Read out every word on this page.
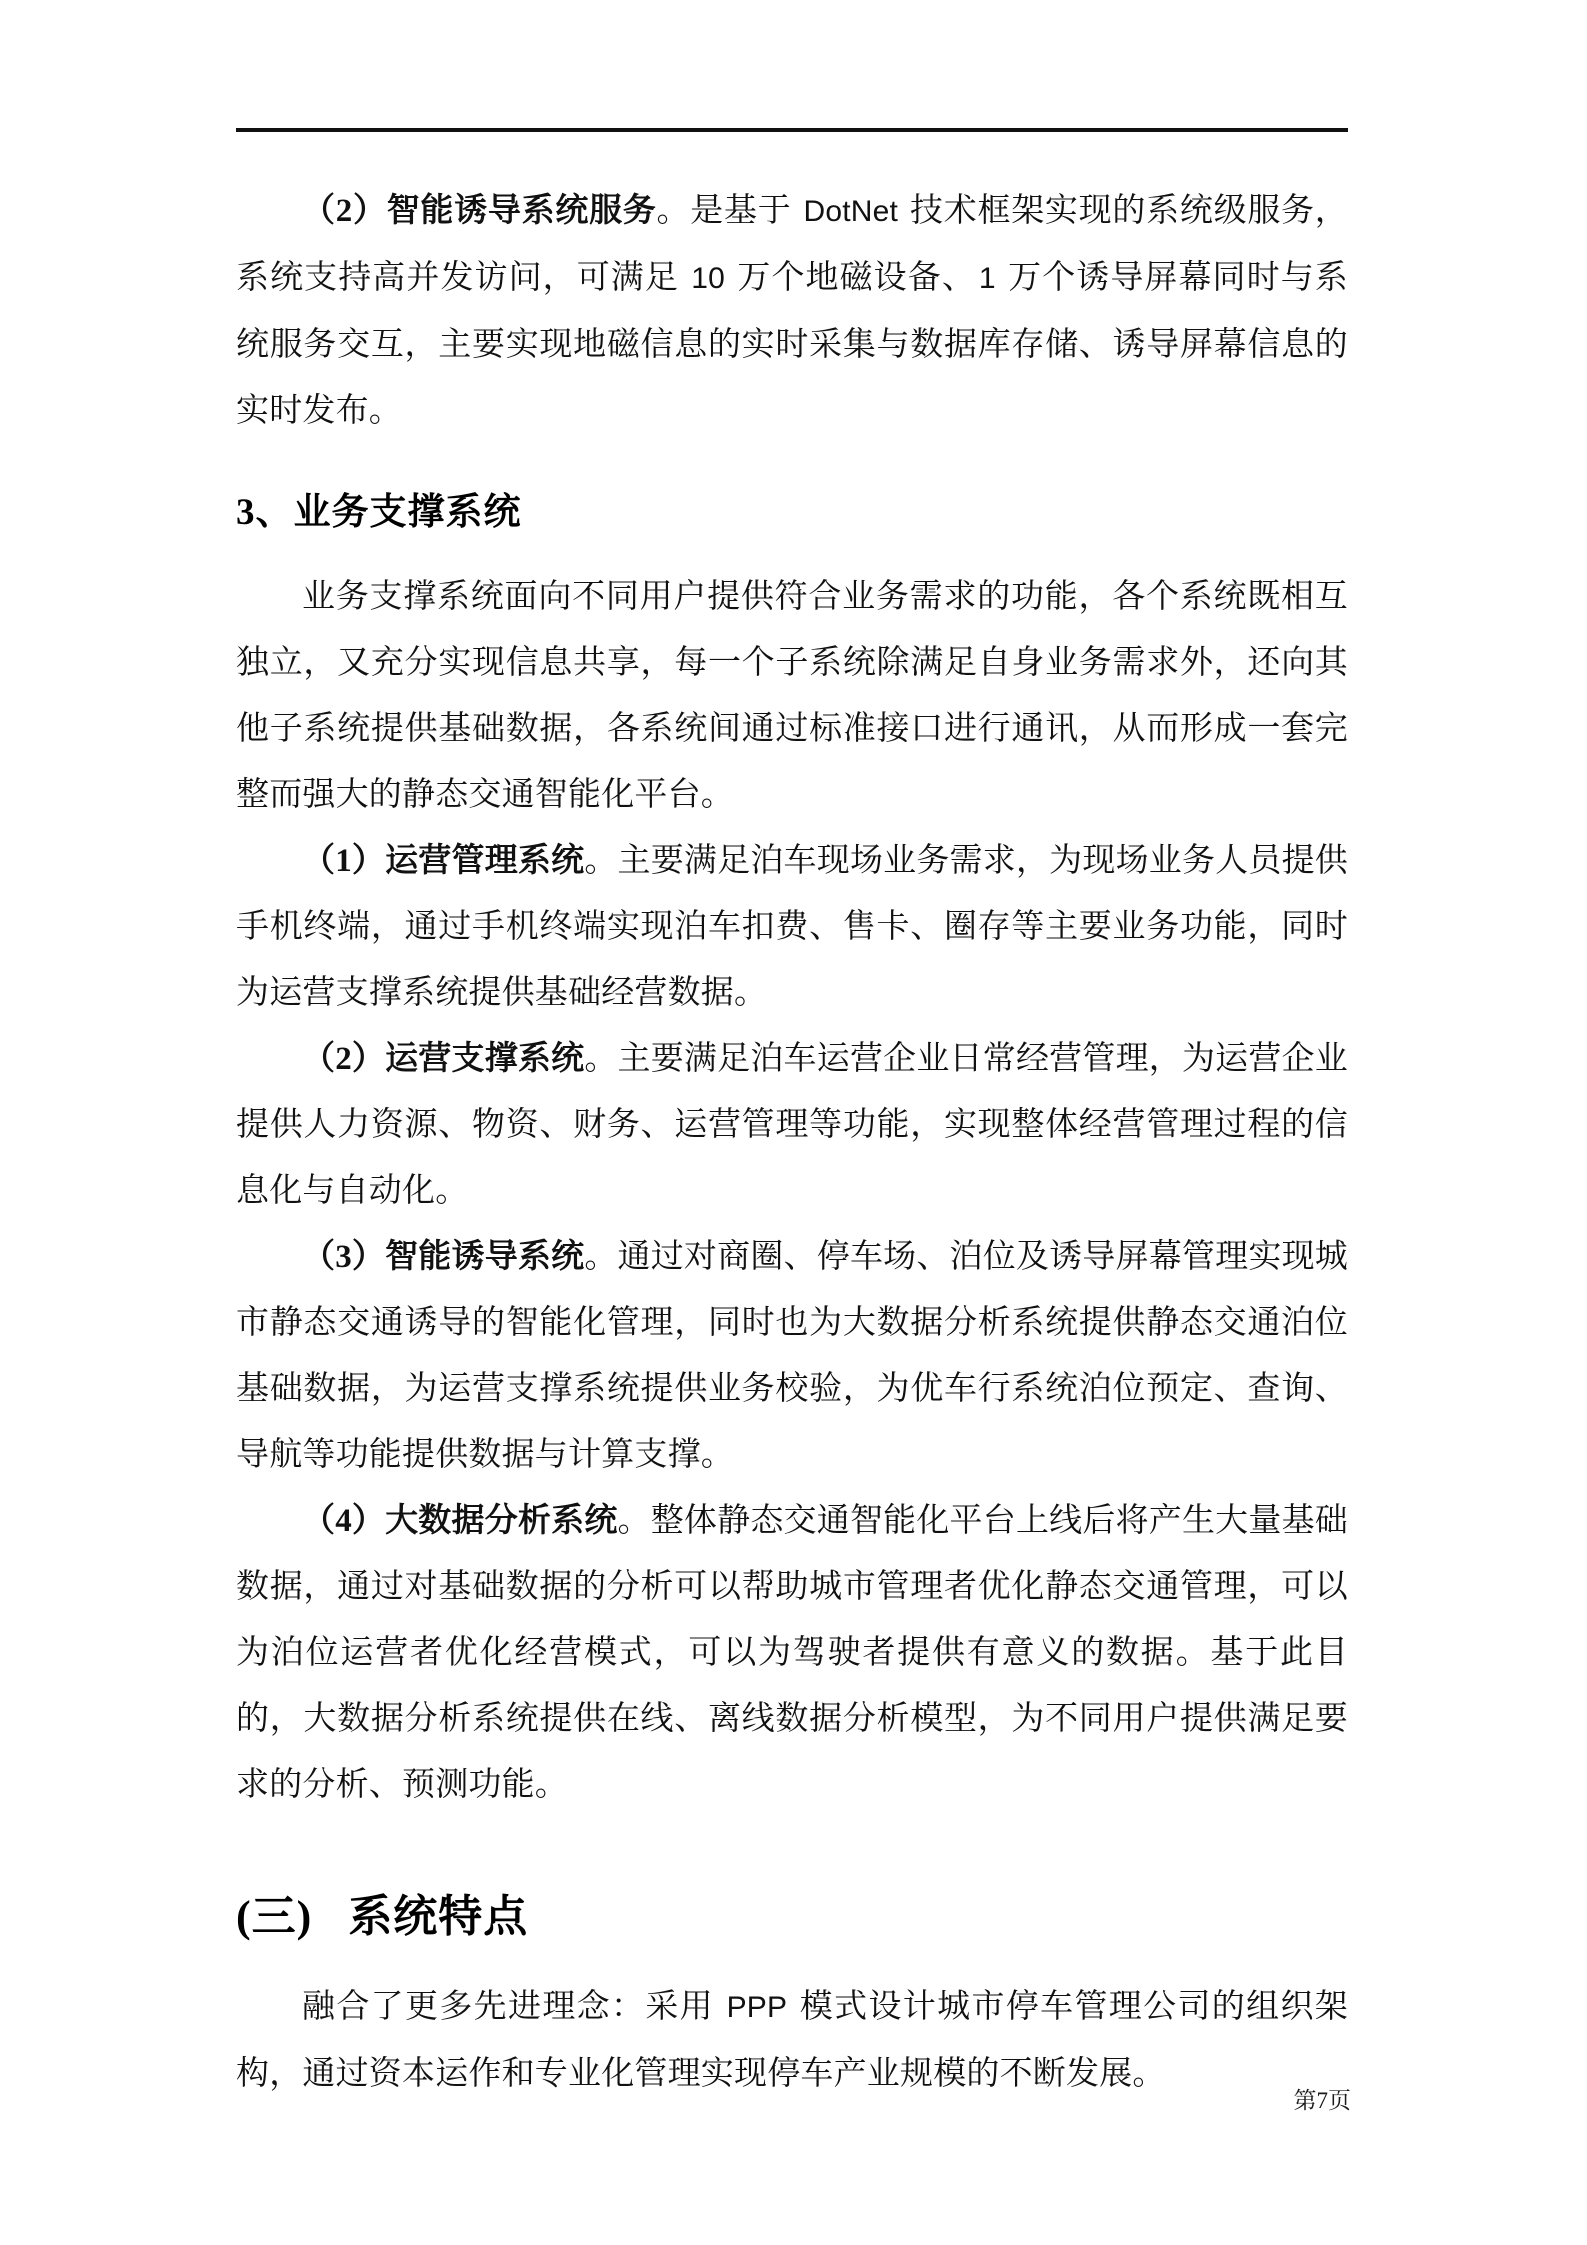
（2）智能诱导系统服务。是基于 DotNet 技术框架实现的系统级服务，系统支持高并发访问，可满足 10 万个地磁设备、 1 万个诱导屏幕同时与系统服务交互，主要实现地磁信息的实时采集与数据库存储、诱导屏幕信息的实时发布。

3、业务支撑系统

业务支撑系统面向不同用户提供符合业务需求的功能，各个系统既相互独立，又充分实现信息共享，每一个子系统除满足自身业务需求外，还向其他子系统提供基础数据，各系统间通过标准接口进行通讯，从而形成一套完整而强大的静态交通智能化平台。

（1）运营管理系统。主要满足泊车现场业务需求，为现场业务人员提供手机终端，通过手机终端实现泊车扣费、售卡、圈存等主要业务功能，同时为运营支撑系统提供基础经营数据。

（2）运营支撑系统。主要满足泊车运营企业日常经营管理，为运营企业提供人力资源、物资、财务、运营管理等功能，实现整体经营管理过程的信息化与自动化。

（3）智能诱导系统。通过对商圈、停车场、泊位及诱导屏幕管理实现城市静态交通诱导的智能化管理，同时也为大数据分析系统提供静态交通泊位基础数据，为运营支撑系统提供业务校验，为优车行系统泊位预定、查询、导航等功能提供数据与计算支撑。

（4）大数据分析系统。整体静态交通智能化平台上线后将产生大量基础数据，通过对基础数据的分析可以帮助城市管理者优化静态交通管理，可以为泊位运营者优化经营模式，可以为驾驶者提供有意义的数据。基于此目的，大数据分析系统提供在线、离线数据分析模型，为不同用户提供满足要求的分析、预测功能。

(三) 系统特点

融合了更多先进理念：采用 PPP 模式设计城市停车管理公司的组织架构，通过资本运作和专业化管理实现停车产业规模的不断发展。

第7页
